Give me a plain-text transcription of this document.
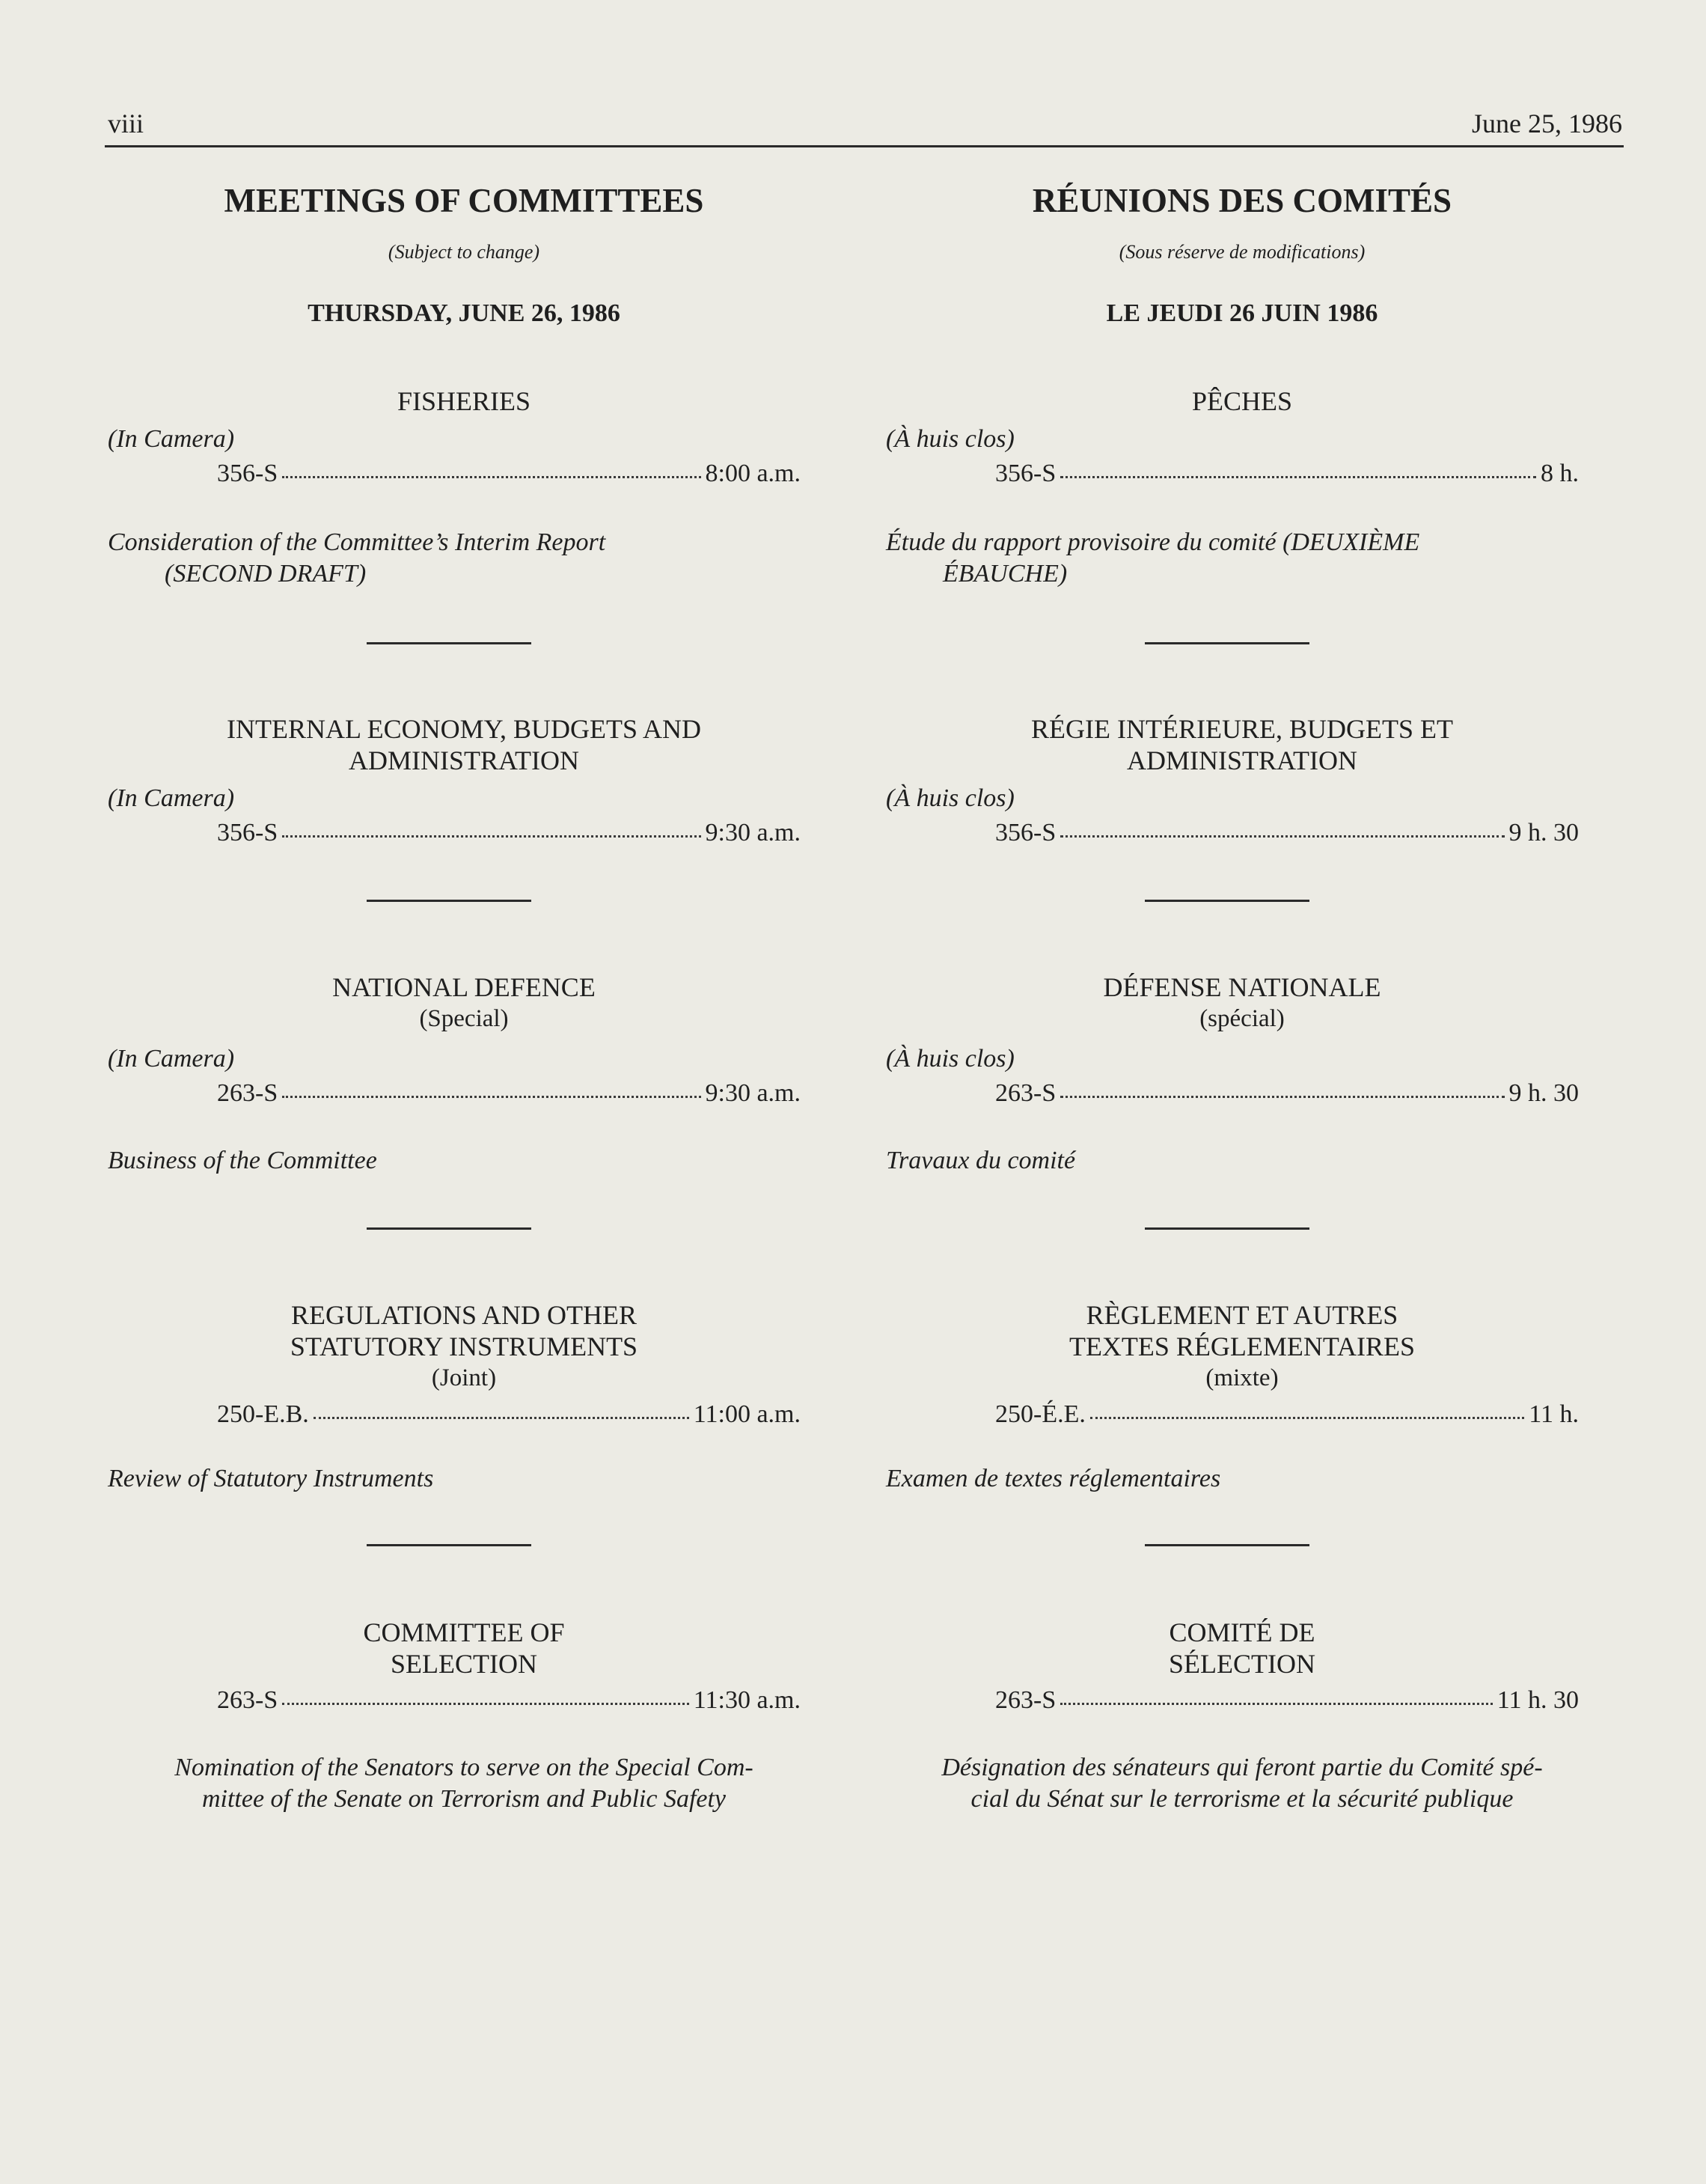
viii	June 25, 1986
MEETINGS OF COMMITTEES
(Subject to change)
THURSDAY, JUNE 26, 1986
FISHERIES
(In Camera)
356-S	8:00 a.m.
Consideration of the Committee’s Interim Report
(SECOND DRAFT)
INTERNAL ECONOMY, BUDGETS AND
ADMINISTRATION
(In Camera)
356-S	9:30 a.m.
NATIONAL DEFENCE
(Special)
(In Camera)
263-S	9:30 a.m.
Business of the Committee
REGULATIONS AND OTHER
STATUTORY INSTRUMENTS
(Joint)
250-E.B.	11:00 a.m.
Review of Statutory Instruments
COMMITTEE OF
SELECTION
263-S	11:30 a.m.
Nomination of the Senators to serve on the Special Com-
mittee of the Senate on Terrorism and Public Safety
RÉUNIONS DES COMITÉS
(Sous réserve de modifications)
LE JEUDI 26 JUIN 1986
PÊCHES
(À huis clos)
356-S	8 h.
Étude du rapport provisoire du comité (DEUXIÈME
ÉBAUCHE)
RÉGIE INTÉRIEURE, BUDGETS ET
ADMINISTRATION
(À huis clos)
356-S	9 h. 30
DÉFENSE NATIONALE
(spécial)
(À huis clos)
263-S	9 h. 30
Travaux du comité
RÈGLEMENT ET AUTRES
TEXTES RÉGLEMENTAIRES
(mixte)
250-É.E.	11 h.
Examen de textes réglementaires
COMITÉ DE
SÉLECTION
263-S	11 h. 30
Désignation des sénateurs qui feront partie du Comité spé-
cial du Sénat sur le terrorisme et la sécurité publique
